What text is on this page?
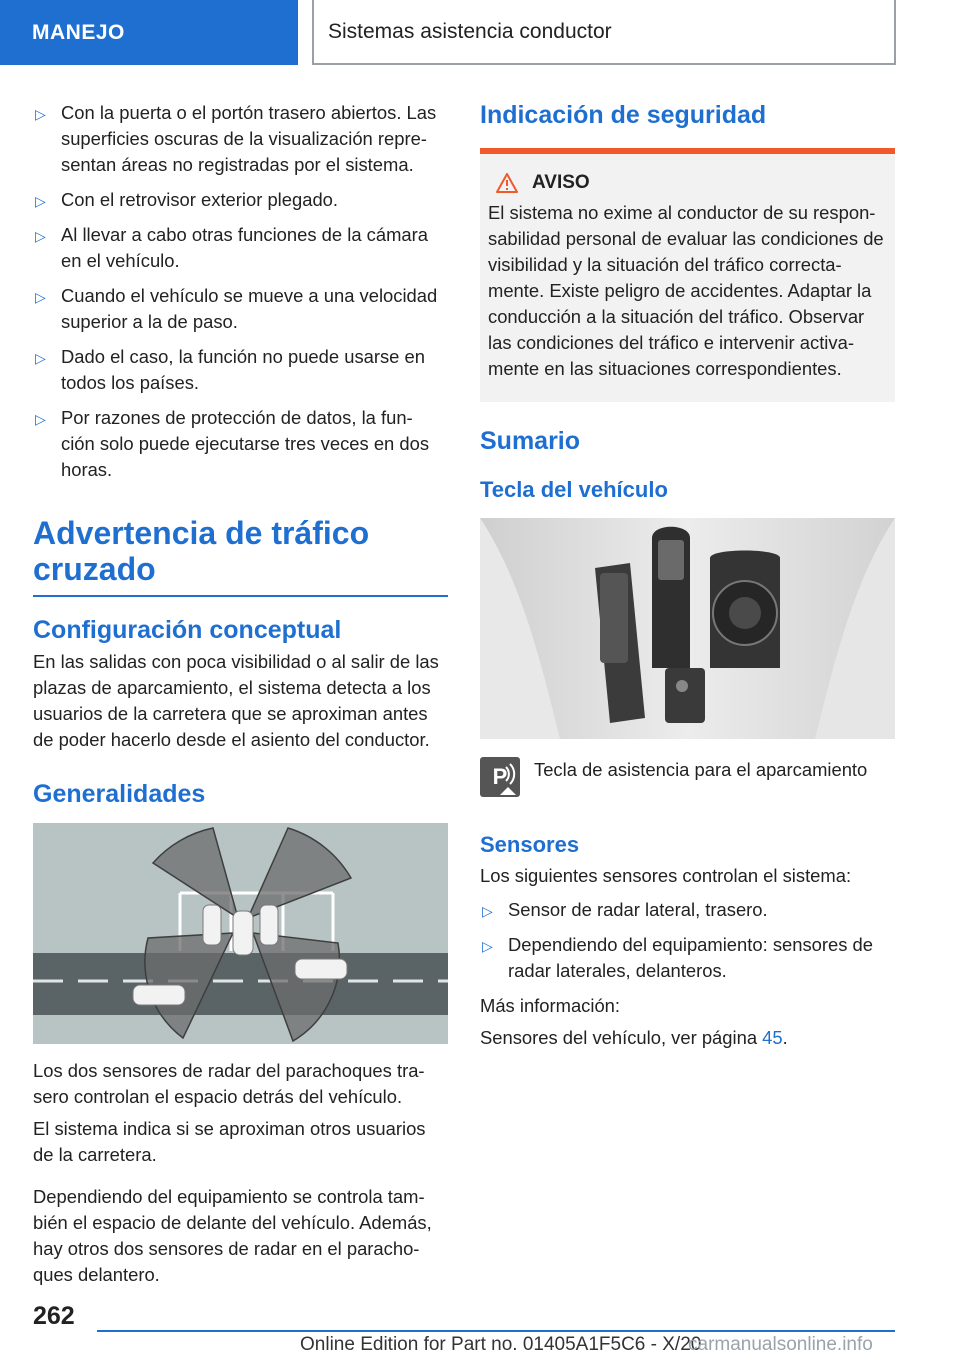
MANEJO	Sistemas asistencia conductor
▷ Con la puerta o el portón trasero abiertos. Las superficies oscuras de la visualización repre‐ sentan áreas no registradas por el sistema.
▷ Con el retrovisor exterior plegado.
▷ Al llevar a cabo otras funciones de la cámara en el vehículo.
▷ Cuando el vehículo se mueve a una velocidad superior a la de paso.
▷ Dado el caso, la función no puede usarse en todos los países.
▷ Por razones de protección de datos, la fun‐ ción solo puede ejecutarse tres veces en dos horas.
Advertencia de tráfico cruzado
Configuración conceptual

En las salidas con poca visibilidad o al salir de las plazas de aparcamiento, el sistema detecta a los usuarios de la carretera que se aproximan antes de poder hacerlo desde el asiento del conductor.

Generalidades

Los dos sensores de radar del parachoques tra‐ sero controlan el espacio detrás del vehículo.

El sistema indica si se aproximan otros usuarios de la carretera.

Dependiendo del equipamiento se controla tam‐ bién el espacio de delante del vehículo. Además, hay otros dos sensores de radar en el paracho‐ ques delantero.

Indicación de seguridad
AVISO

El sistema no exime al conductor de su respon‐ sabilidad personal de evaluar las condiciones de visibilidad y la situación del tráfico correcta‐ mente. Existe peligro de accidentes. Adaptar la conducción a la situación del tráfico. Observar las condiciones del tráfico e intervenir activa‐ mente en las situaciones correspondientes.

Sumario
Tecla del vehículo
P	Tecla de asistencia para el aparcamiento
Sensores

Los siguientes sensores controlan el sistema:

▷ Sensor de radar lateral, trasero.
▷ Dependiendo del equipamiento: sensores de radar laterales, delanteros.

Más información:

Sensores del vehículo, ver página 45.

262
Online Edition for Part no. 01405A1F5C6 - X/20
carmanualsonline.info
